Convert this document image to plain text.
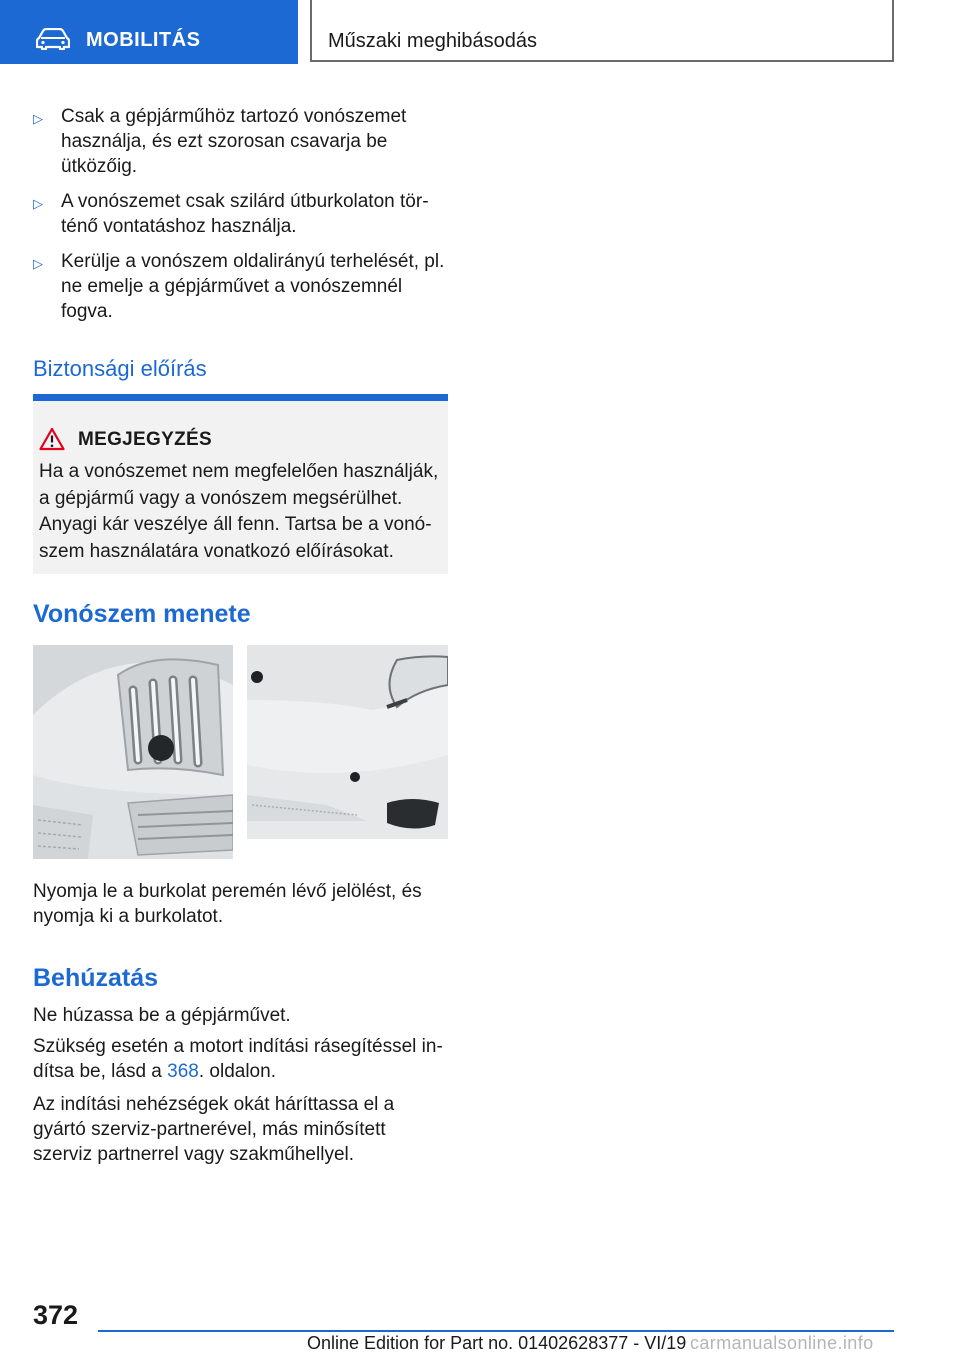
MOBILITÁS	Műszaki meghibásodás
▷ Csak a gépjárműhöz tartozó vonószemet használja, és ezt szorosan csavarja be ütközőig.
▷ A vonószemet csak szilárd útburkolaton történő vontatáshoz használja.
▷ Kerülje a vonószem oldalirányú terhelését, pl. ne emelje a gépjárművet a vonószemnél fogva.
Biztonsági előírás
MEGJEGYZÉS
Ha a vonószemet nem megfelelően használják, a gépjármű vagy a vonószem megsérülhet. Anyagi kár veszélye áll fenn. Tartsa be a vonószem használatára vonatkozó előírásokat.
Vonószem menete
Nyomja le a burkolat peremén lévő jelölést, és nyomja ki a burkolatot.
Behúzatás
Ne húzassa be a gépjárművet.
Szükség esetén a motort indítási rásegítéssel indítsa be, lásd a 368. oldalon.
Az indítási nehézségek okát háríttassa el a gyártó szerviz-partnerével, más minősített szerviz partnerrel vagy szakműhellyel.
372
Online Edition for Part no. 01402628377 - VI/19 carmanualsonline.info
